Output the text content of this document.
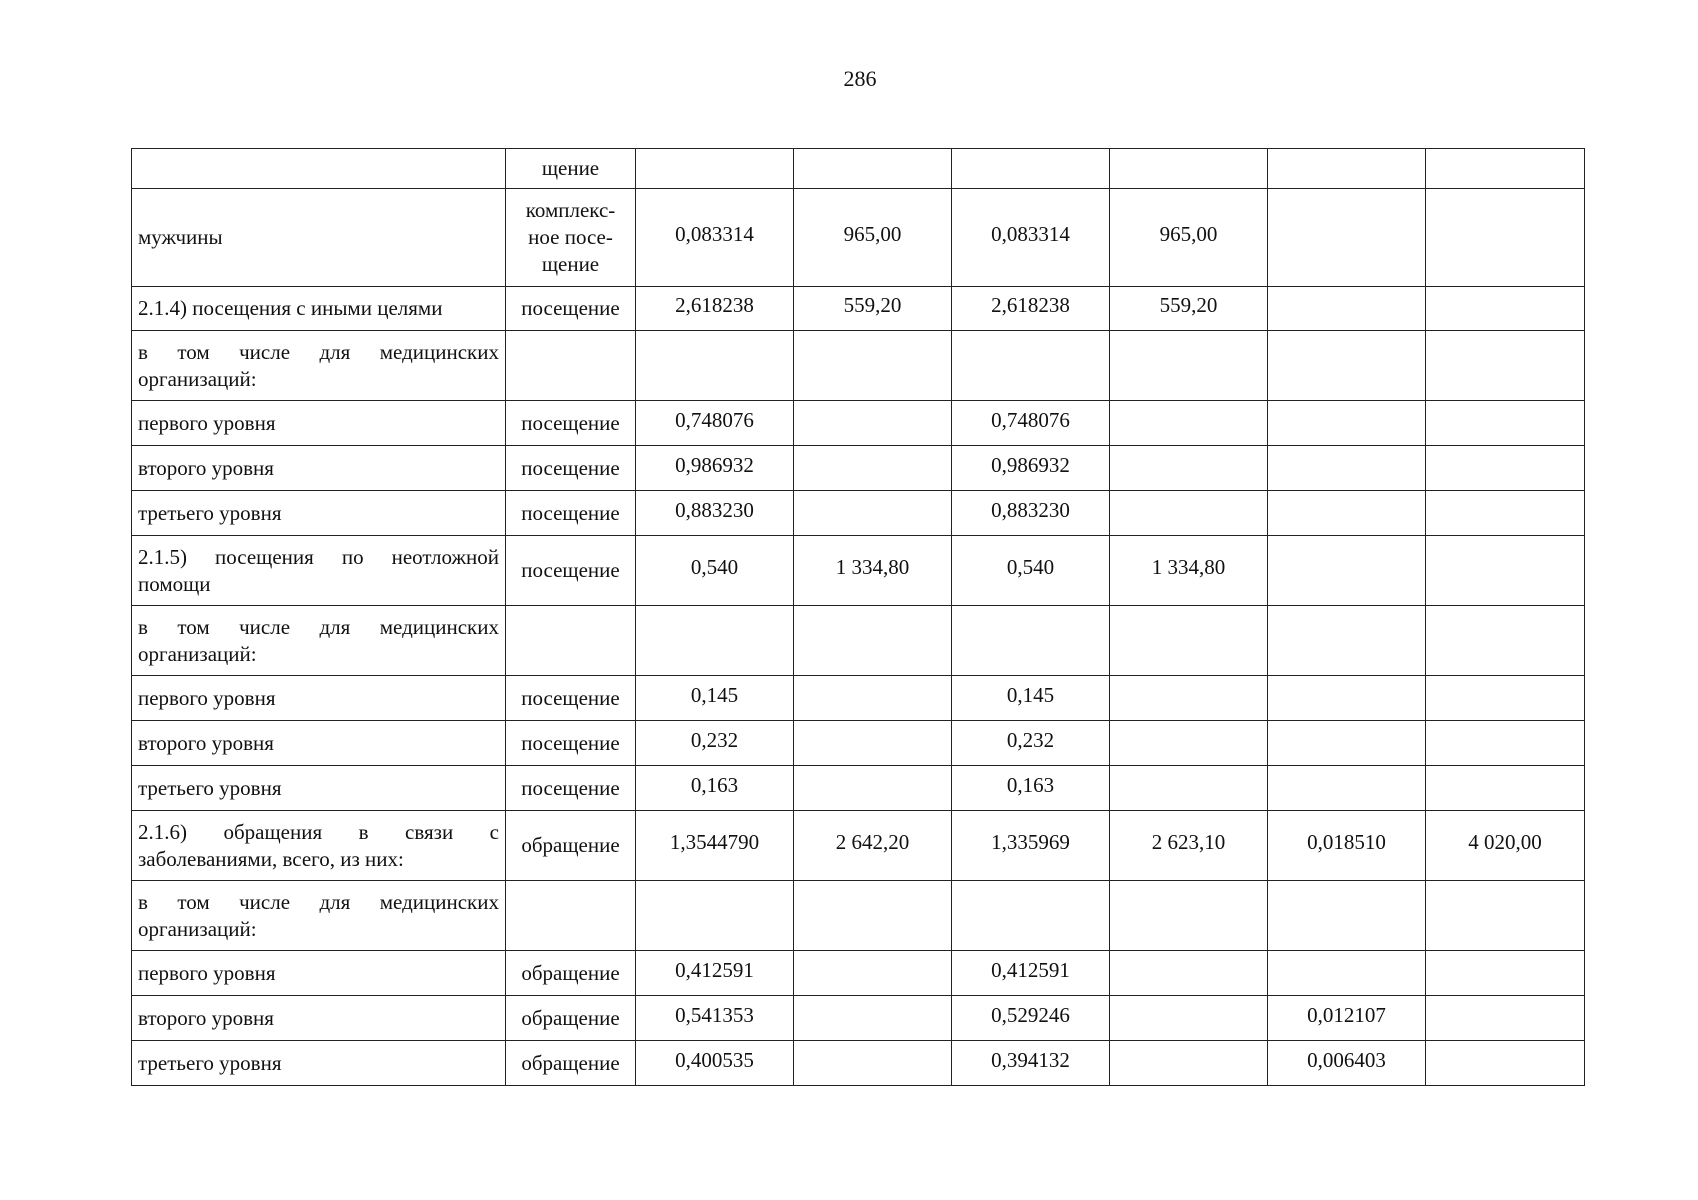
286
	щение						
мужчины	комплекс-ное посе-щение	0,083314	965,00	0,083314	965,00		
2.1.4) посещения с иными целями	посещение	2,618238	559,20	2,618238	559,20		
в том числе для медицинских организаций:							
первого уровня	посещение	0,748076		0,748076			
второго уровня	посещение	0,986932		0,986932			
третьего уровня	посещение	0,883230		0,883230			
2.1.5) посещения по неотложной помощи	посещение	0,540	1 334,80	0,540	1 334,80		
в том числе для медицинских организаций:							
первого уровня	посещение	0,145		0,145			
второго уровня	посещение	0,232		0,232			
третьего уровня	посещение	0,163		0,163			
2.1.6) обращения в связи с заболеваниями, всего, из них:	обращение	1,3544790	2 642,20	1,335969	2 623,10	0,018510	4 020,00
в том числе для медицинских организаций:							
первого уровня	обращение	0,412591		0,412591			
второго уровня	обращение	0,541353		0,529246		0,012107	
третьего уровня	обращение	0,400535		0,394132		0,006403	
